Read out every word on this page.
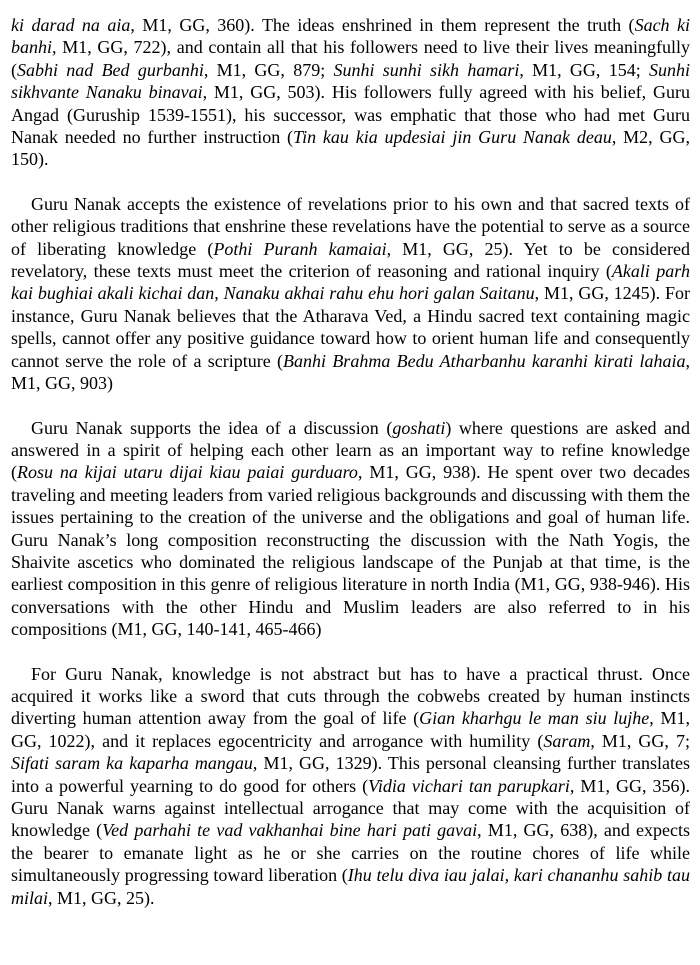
ki darad na aia, M1, GG, 360). The ideas enshrined in them represent the truth (Sach ki banhi, M1, GG, 722), and contain all that his followers need to live their lives meaningfully (Sabhi nad Bed gurbanhi, M1, GG, 879; Sunhi sunhi sikh hamari, M1, GG, 154; Sunhi sikhvante Nanaku binavai, M1, GG, 503). His followers fully agreed with his belief, Guru Angad (Guruship 1539-1551), his successor, was emphatic that those who had met Guru Nanak needed no further instruction (Tin kau kia updesiai jin Guru Nanak deau, M2, GG, 150).

Guru Nanak accepts the existence of revelations prior to his own and that sacred texts of other religious traditions that enshrine these revelations have the potential to serve as a source of liberating knowledge (Pothi Puranh kamaiai, M1, GG, 25). Yet to be considered revelatory, these texts must meet the criterion of reasoning and rational inquiry (Akali parh kai bughiai akali kichai dan, Nanaku akhai rahu ehu hori galan Saitanu, M1, GG, 1245). For instance, Guru Nanak believes that the Atharava Ved, a Hindu sacred text containing magic spells, cannot offer any positive guidance toward how to orient human life and consequently cannot serve the role of a scripture (Banhi Brahma Bedu Atharbanhu karanhi kirati lahaia, M1, GG, 903)

Guru Nanak supports the idea of a discussion (goshati) where questions are asked and answered in a spirit of helping each other learn as an important way to refine knowledge (Rosu na kijai utaru dijai kiau paiai gurduaro, M1, GG, 938). He spent over two decades traveling and meeting leaders from varied religious backgrounds and discussing with them the issues pertaining to the creation of the universe and the obligations and goal of human life. Guru Nanak’s long composition reconstructing the discussion with the Nath Yogis, the Shaivite ascetics who dominated the religious landscape of the Punjab at that time, is the earliest composition in this genre of religious literature in north India (M1, GG, 938-946). His conversations with the other Hindu and Muslim leaders are also referred to in his compositions (M1, GG, 140-141, 465-466)

For Guru Nanak, knowledge is not abstract but has to have a practical thrust. Once acquired it works like a sword that cuts through the cobwebs created by human instincts diverting human attention away from the goal of life (Gian kharhgu le man siu lujhe, M1, GG, 1022), and it replaces egocentricity and arrogance with humility (Saram, M1, GG, 7; Sifati saram ka kaparha mangau, M1, GG, 1329). This personal cleansing further translates into a powerful yearning to do good for others (Vidia vichari tan parupkari, M1, GG, 356). Guru Nanak warns against intellectual arrogance that may come with the acquisition of knowledge (Ved parhahi te vad vakhanhai bine hari pati gavai, M1, GG, 638), and expects the bearer to emanate light as he or she carries on the routine chores of life while simultaneously progressing toward liberation (Ihu telu diva iau jalai, kari chananhu sahib tau milai, M1, GG, 25).
